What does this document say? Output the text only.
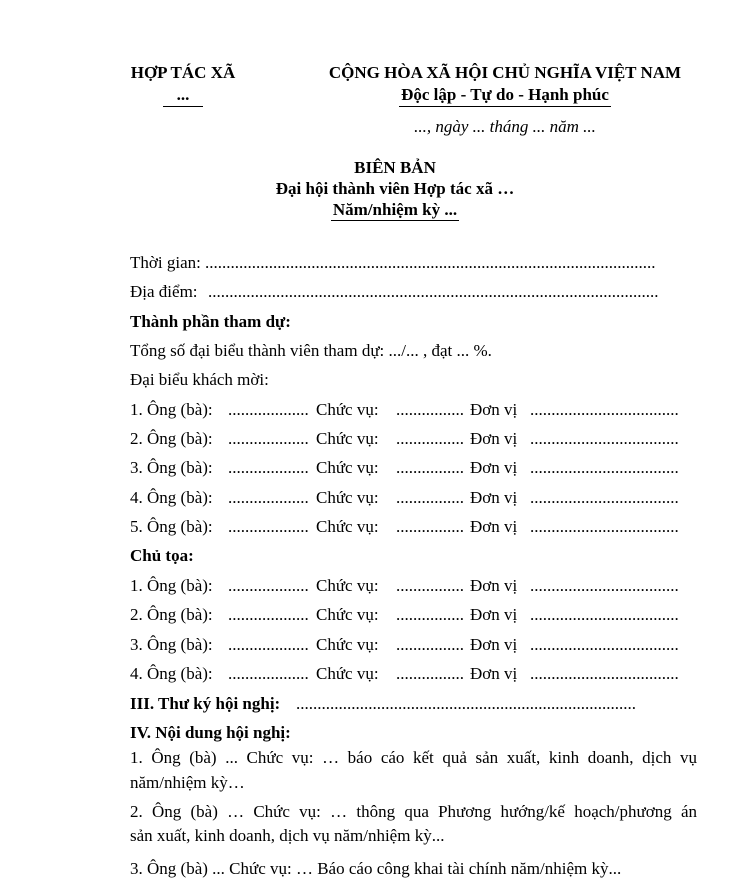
HỢP TÁC XÃ
...
CỘNG HÒA XÃ HỘI CHỦ NGHĨA VIỆT NAM
Độc lập - Tự do - Hạnh phúc
..., ngày ... tháng ... năm ...
BIÊN BẢN
Đại hội thành viên Hợp tác xã …
Năm/nhiệm kỳ ...
Thời gian: ..........................................................................................................
Địa điểm: ..........................................................................................................
Thành phần tham dự:
Tổng số đại biểu thành viên tham dự: .../... , đạt ... %.
Đại biểu khách mời:
1. Ông (bà): ................... Chức vụ:	................ Đơn vị ...................................
2. Ông (bà): ................... Chức vụ:	................ Đơn vị ...................................
3. Ông (bà): ................... Chức vụ:	................ Đơn vị ...................................
4. Ông (bà): ................... Chức vụ:	................ Đơn vị ...................................
5. Ông (bà): ................... Chức vụ:	................ Đơn vị ...................................
Chủ tọa:
1. Ông (bà): ................... Chức vụ:	................ Đơn vị ...................................
2. Ông (bà): ................... Chức vụ:	................ Đơn vị ...................................
3. Ông (bà): ................... Chức vụ:	................ Đơn vị ...................................
4. Ông (bà): ................... Chức vụ:	................ Đơn vị ...................................
III. Thư ký hội nghị: ................................................................................
IV. Nội dung hội nghị:
1. Ông (bà) ... Chức vụ: … báo cáo kết quả sản xuất, kinh doanh, dịch vụ
năm/nhiệm kỳ…
2. Ông (bà) … Chức vụ: … thông qua Phương hướng/kế hoạch/phương án
sản xuất, kinh doanh, dịch vụ năm/nhiệm kỳ...
3. Ông (bà) ... Chức vụ: … Báo cáo công khai tài chính năm/nhiệm kỳ...
